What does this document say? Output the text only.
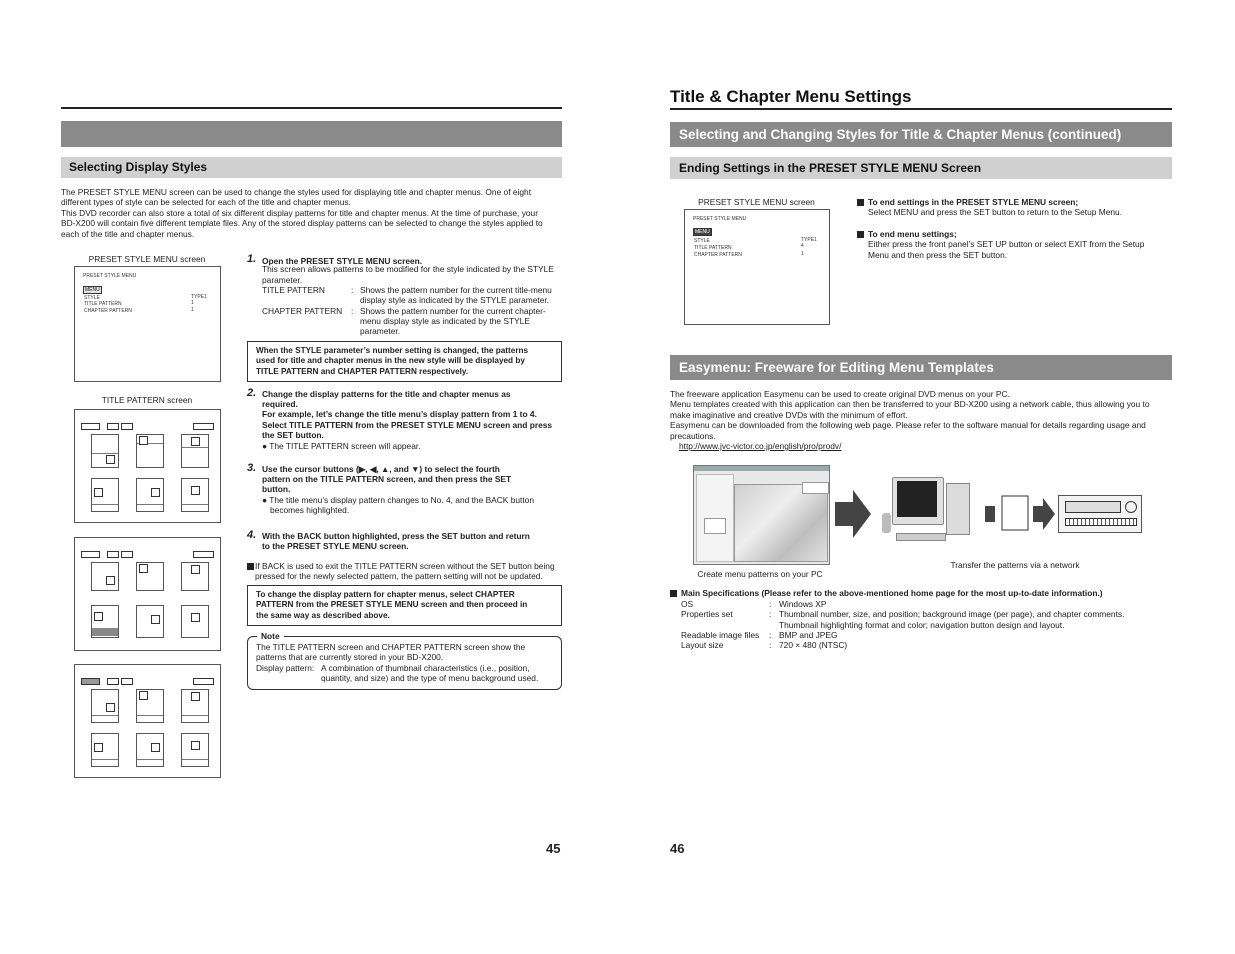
Selecting Display Styles
The PRESET STYLE MENU screen can be used to change the styles used for displaying title and chapter menus. One of eight
different types of style can be selected for each of the title and chapter menus.
This DVD recorder can also store a total of six different display patterns for title and chapter menus. At the time of purchase, your
BD-X200 will contain five different template files. Any of the stored display patterns can be selected to change the styles applied to
each of the title and chapter menus.
PRESET STYLE MENU screen
PRESET STYLE MENU
MENU
STYLE	TYPE1
TITLE PATTERN	1
CHAPTER PATTERN	1
TITLE PATTERN screen
1. Open the PRESET STYLE MENU screen.
This screen allows patterns to be modified for the style indicated by the STYLE parameter.
TITLE PATTERN	: Shows the pattern number for the current title-menu
display style as indicated by the STYLE parameter.
CHAPTER PATTERN : Shows the pattern number for the current chapter-
menu display style as indicated by the STYLE
parameter.
When the STYLE parameter’s number setting is changed, the patterns
used for title and chapter menus in the new style will be displayed by
TITLE PATTERN and CHAPTER PATTERN respectively.
2. Change the display patterns for the title and chapter menus as
required.
For example, let’s change the title menu’s display pattern from 1 to 4.
Select TITLE PATTERN from the PRESET STYLE MENU screen and press
the SET button.
● The TITLE PATTERN screen will appear.
3. Use the cursor buttons (▶, ◀, ▲, and ▼) to select the fourth
pattern on the TITLE PATTERN screen, and then press the SET
button.
● The title menu’s display pattern changes to No. 4, and the BACK button
becomes highlighted.
4. With the BACK button highlighted, press the SET button and return
to the PRESET STYLE MENU screen.
If BACK is used to exit the TITLE PATTERN screen without the SET button being
pressed for the newly selected pattern, the pattern setting will not be updated.
To change the display pattern for chapter menus, select CHAPTER
PATTERN from the PRESET STYLE MENU screen and then proceed in
the same way as described above.
Note
The TITLE PATTERN screen and CHAPTER PATTERN screen show the
patterns that are currently stored in your BD-X200.
Display pattern: A combination of thumbnail characteristics (i.e., position,
quantity, and size) and the type of menu background used.
45
Title & Chapter Menu Settings
Selecting and Changing Styles for Title & Chapter Menus (continued)
Ending Settings in the PRESET STYLE MENU Screen
PRESET STYLE MENU screen
PRESET STYLE MENU
MENU
STYLE	TYPE1
TITLE PATTERN	4
CHAPTER PATTERN	1
To end settings in the PRESET STYLE MENU screen;
Select MENU and press the SET button to return to the Setup Menu.
To end menu settings;
Either press the front panel’s SET UP button or select EXIT from the Setup
Menu and then press the SET button.
Easymenu: Freeware for Editing Menu Templates
The freeware application Easymenu can be used to create original DVD menus on your PC.
Menu templates created with this application can then be transferred to your BD-X200 using a network cable, thus allowing you to
make imaginative and creative DVDs with the minimum of effort.
Easymenu can be downloaded from the following web page. Please refer to the software manual for details regarding usage and
precautions.
http://www.jvc-victor.co.jp/english/pro/prodv/
Create menu patterns on your PC
Transfer the patterns via a network
Main Specifications (Please refer to the above-mentioned home page for the most up-to-date information.)
OS	: Windows XP
Properties set	: Thumbnail number, size, and position; background image (per page), and chapter comments.
Thumbnail highlighting format and color; navigation button design and layout.
Readable image files : BMP and JPEG
Layout size	: 720 × 480 (NTSC)
46
